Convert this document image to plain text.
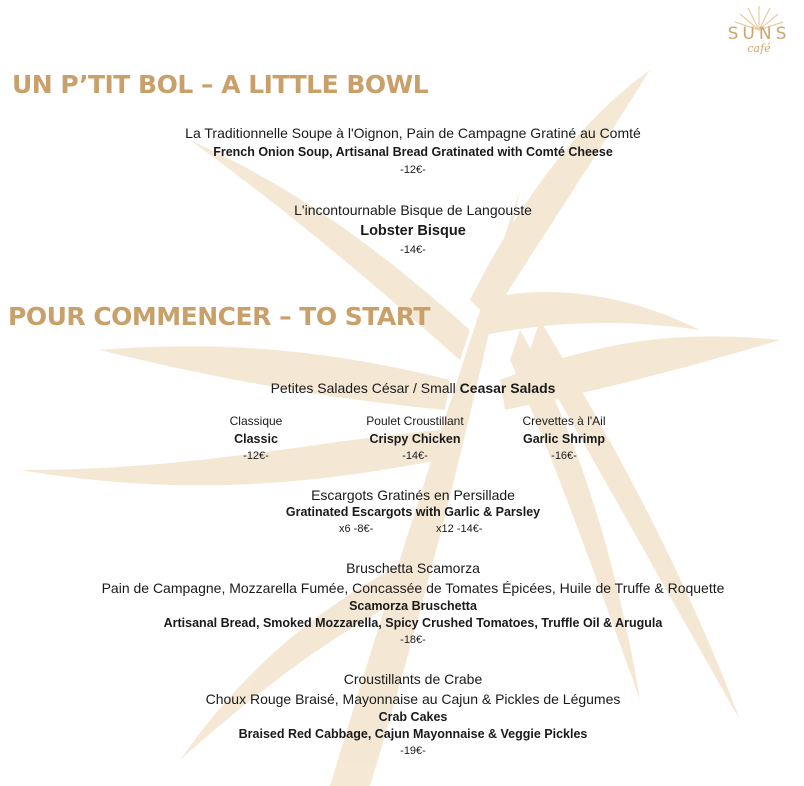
SUNS
café
UN P’TIT BOL – A LITTLE BOWL
La Traditionnelle Soupe à l'Oignon, Pain de Campagne Gratiné au Comté
French Onion Soup, Artisanal Bread Gratinated with Comté Cheese
-12€-
L'incontournable Bisque de Langouste
Lobster Bisque
-14€-
POUR COMMENCER – TO START
Petites Salades César / Small Ceasar Salads
Classique
Classic
-12€-
Poulet Croustillant
Crispy Chicken
-14€-
Crevettes à l'Ail
Garlic Shrimp
-16€-
Escargots Gratinés en Persillade
Gratinated Escargots with Garlic & Parsley
x6 -8€-	x12 -14€-
Bruschetta Scamorza
Pain de Campagne, Mozzarella Fumée, Concassée de Tomates Épicées, Huile de Truffe & Roquette
Scamorza Bruschetta
Artisanal Bread, Smoked Mozzarella, Spicy Crushed Tomatoes, Truffle Oil & Arugula
-18€-
Croustillants de Crabe
Choux Rouge Braisé, Mayonnaise au Cajun & Pickles de Légumes
Crab Cakes
Braised Red Cabbage, Cajun Mayonnaise & Veggie Pickles
-19€-
